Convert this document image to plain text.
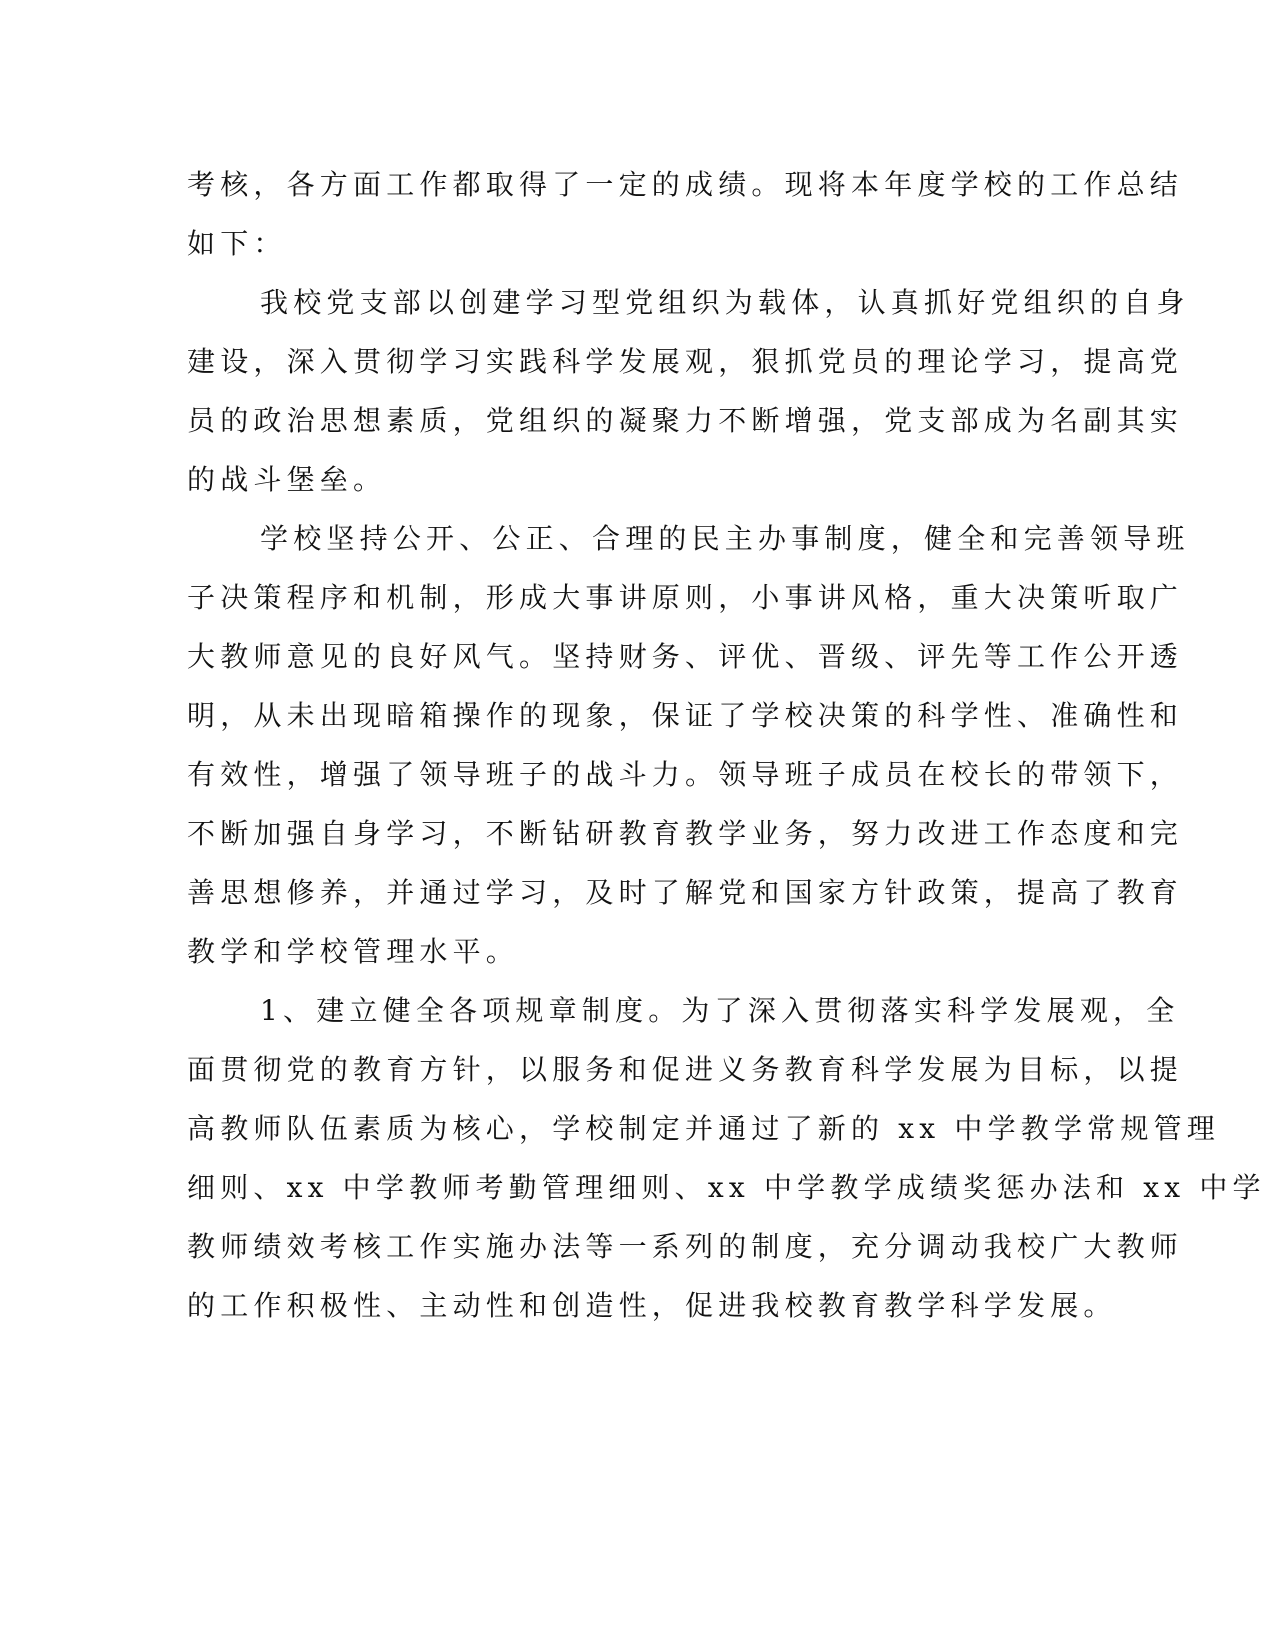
考核，各方面工作都取得了一定的成绩。现将本年度学校的工作总结
如下：
我校党支部以创建学习型党组织为载体，认真抓好党组织的自身
建设，深入贯彻学习实践科学发展观，狠抓党员的理论学习，提高党
员的政治思想素质，党组织的凝聚力不断增强，党支部成为名副其实
的战斗堡垒。
学校坚持公开、公正、合理的民主办事制度，健全和完善领导班
子决策程序和机制，形成大事讲原则，小事讲风格，重大决策听取广
大教师意见的良好风气。坚持财务、评优、晋级、评先等工作公开透
明，从未出现暗箱操作的现象，保证了学校决策的科学性、准确性和
有效性，增强了领导班子的战斗力。领导班子成员在校长的带领下，
不断加强自身学习，不断钻研教育教学业务，努力改进工作态度和完
善思想修养，并通过学习，及时了解党和国家方针政策，提高了教育
教学和学校管理水平。
1、建立健全各项规章制度。为了深入贯彻落实科学发展观，全
面贯彻党的教育方针，以服务和促进义务教育科学发展为目标，以提
高教师队伍素质为核心，学校制定并通过了新的 xx 中学教学常规管理
细则、xx 中学教师考勤管理细则、xx 中学教学成绩奖惩办法和 xx 中学
教师绩效考核工作实施办法等一系列的制度，充分调动我校广大教师
的工作积极性、主动性和创造性，促进我校教育教学科学发展。
